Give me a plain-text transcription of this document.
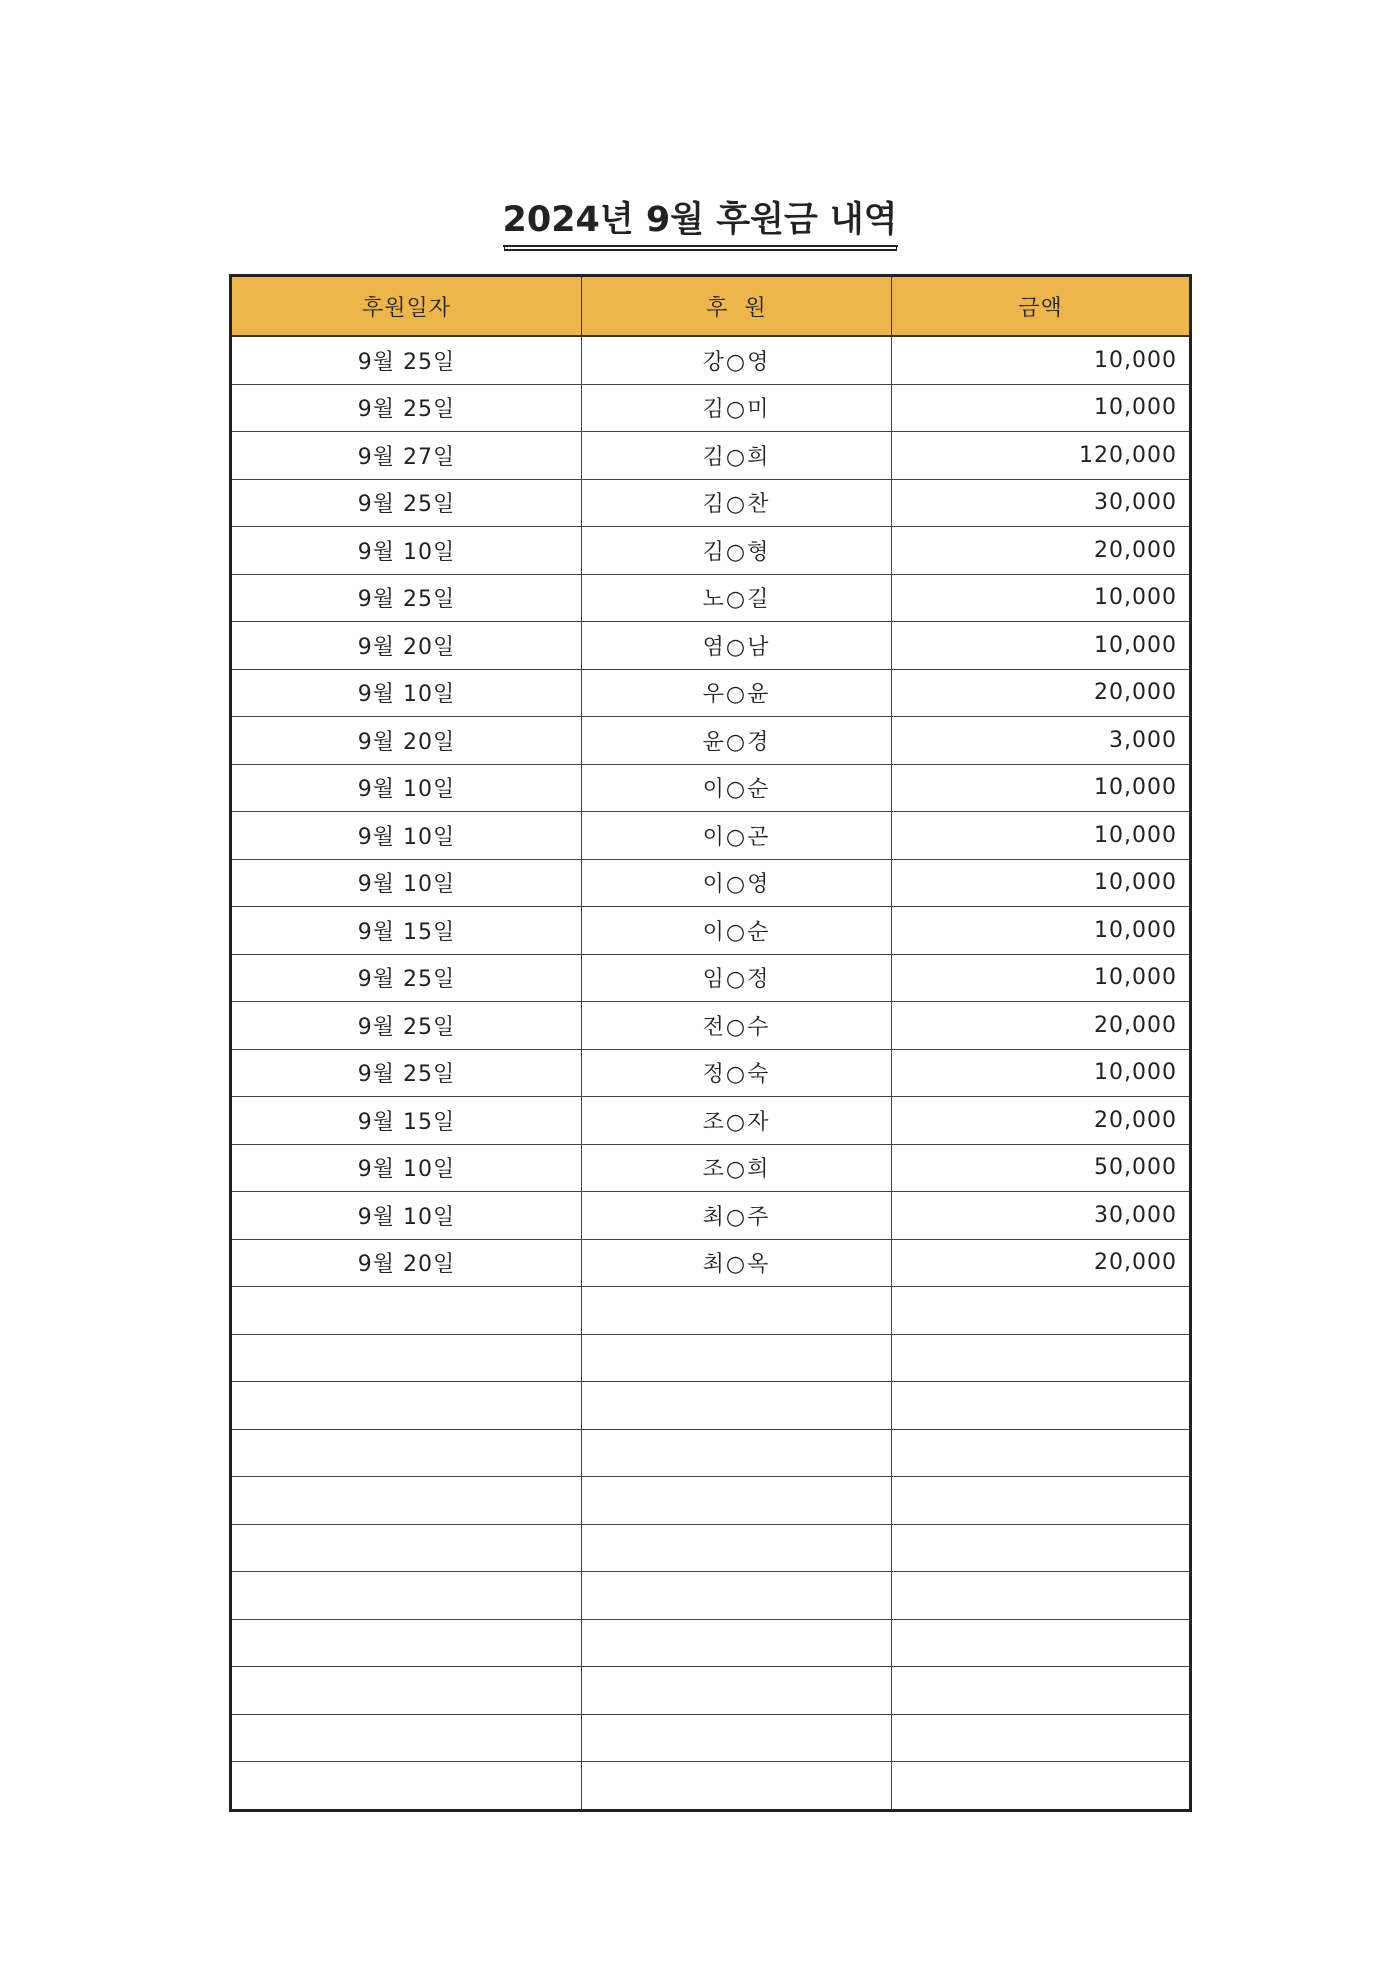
2024년 9월 후원금 내역
후원일자	후  원	금액
9월 25일	강○영	10,000
9월 25일	김○미	10,000
9월 27일	김○희	120,000
9월 25일	김○찬	30,000
9월 10일	김○형	20,000
9월 25일	노○길	10,000
9월 20일	염○남	10,000
9월 10일	우○윤	20,000
9월 20일	윤○경	3,000
9월 10일	이○순	10,000
9월 10일	이○곤	10,000
9월 10일	이○영	10,000
9월 15일	이○순	10,000
9월 25일	임○정	10,000
9월 25일	전○수	20,000
9월 25일	정○숙	10,000
9월 15일	조○자	20,000
9월 10일	조○희	50,000
9월 10일	최○주	30,000
9월 20일	최○옥	20,000
